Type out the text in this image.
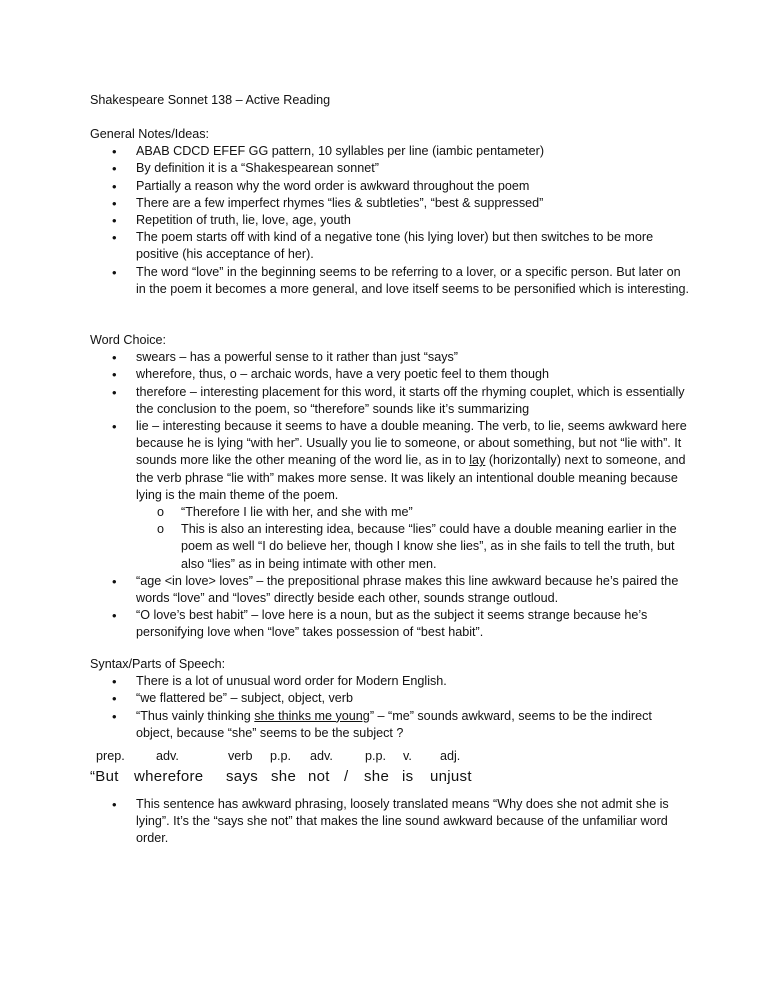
Shakespeare Sonnet 138 – Active Reading

General Notes/Ideas:

• ABAB CDCD EFEF GG pattern, 10 syllables per line (iambic pentameter)
• By definition it is a “Shakespearean sonnet”
• Partially a reason why the word order is awkward throughout the poem
• There are a few imperfect rhymes “lies & subtleties”, “best & suppressed”
• Repetition of truth, lie, love, age, youth
• The poem starts off with kind of a negative tone (his lying lover) but then switches to be more positive (his acceptance of her).
• The word “love” in the beginning seems to be referring to a lover, or a specific person. But later on in the poem it becomes a more general, and love itself seems to be personified which is interesting.

Word Choice:

• swears – has a powerful sense to it rather than just “says”
• wherefore, thus, o – archaic words, have a very poetic feel to them though
• therefore – interesting placement for this word, it starts off the rhyming couplet, which is essentially the conclusion to the poem, so “therefore” sounds like it’s summarizing
• lie – interesting because it seems to have a double meaning. The verb, to lie, seems awkward here because he is lying “with her”. Usually you lie to someone, or about something, but not “lie with”. It sounds more like the other meaning of the word lie, as in to lay (horizontally) next to someone, and the verb phrase “lie with” makes more sense. It was likely an intentional double meaning because lying is the main theme of the poem.
o “Therefore I lie with her, and she with me”
o This is also an interesting idea, because “lies” could have a double meaning earlier in the poem as well “I do believe her, though I know she lies”, as in she fails to tell the truth, but also “lies” as in being intimate with other men.
• “age <in love> loves” – the prepositional phrase makes this line awkward because he’s paired the words “love” and “loves” directly beside each other, sounds strange outloud.
• “O love’s best habit” – love here is a noun, but as the subject it seems strange because he’s personifying love when “love” takes possession of “best habit”.

Syntax/Parts of Speech:

• There is a lot of unusual word order for Modern English.
• “we flattered be” – subject, object, verb
• “Thus vainly thinking she thinks me young” – “me” sounds awkward, seems to be the indirect object, because “she” seems to be the subject ?
prep. adv.	verb p.p. adv.	p.p. v. adj.
“But wherefore says she not / she is unjust
• This sentence has awkward phrasing, loosely translated means “Why does she not admit she is lying”. It’s the “says she not” that makes the line sound awkward because of the unfamiliar word order.
